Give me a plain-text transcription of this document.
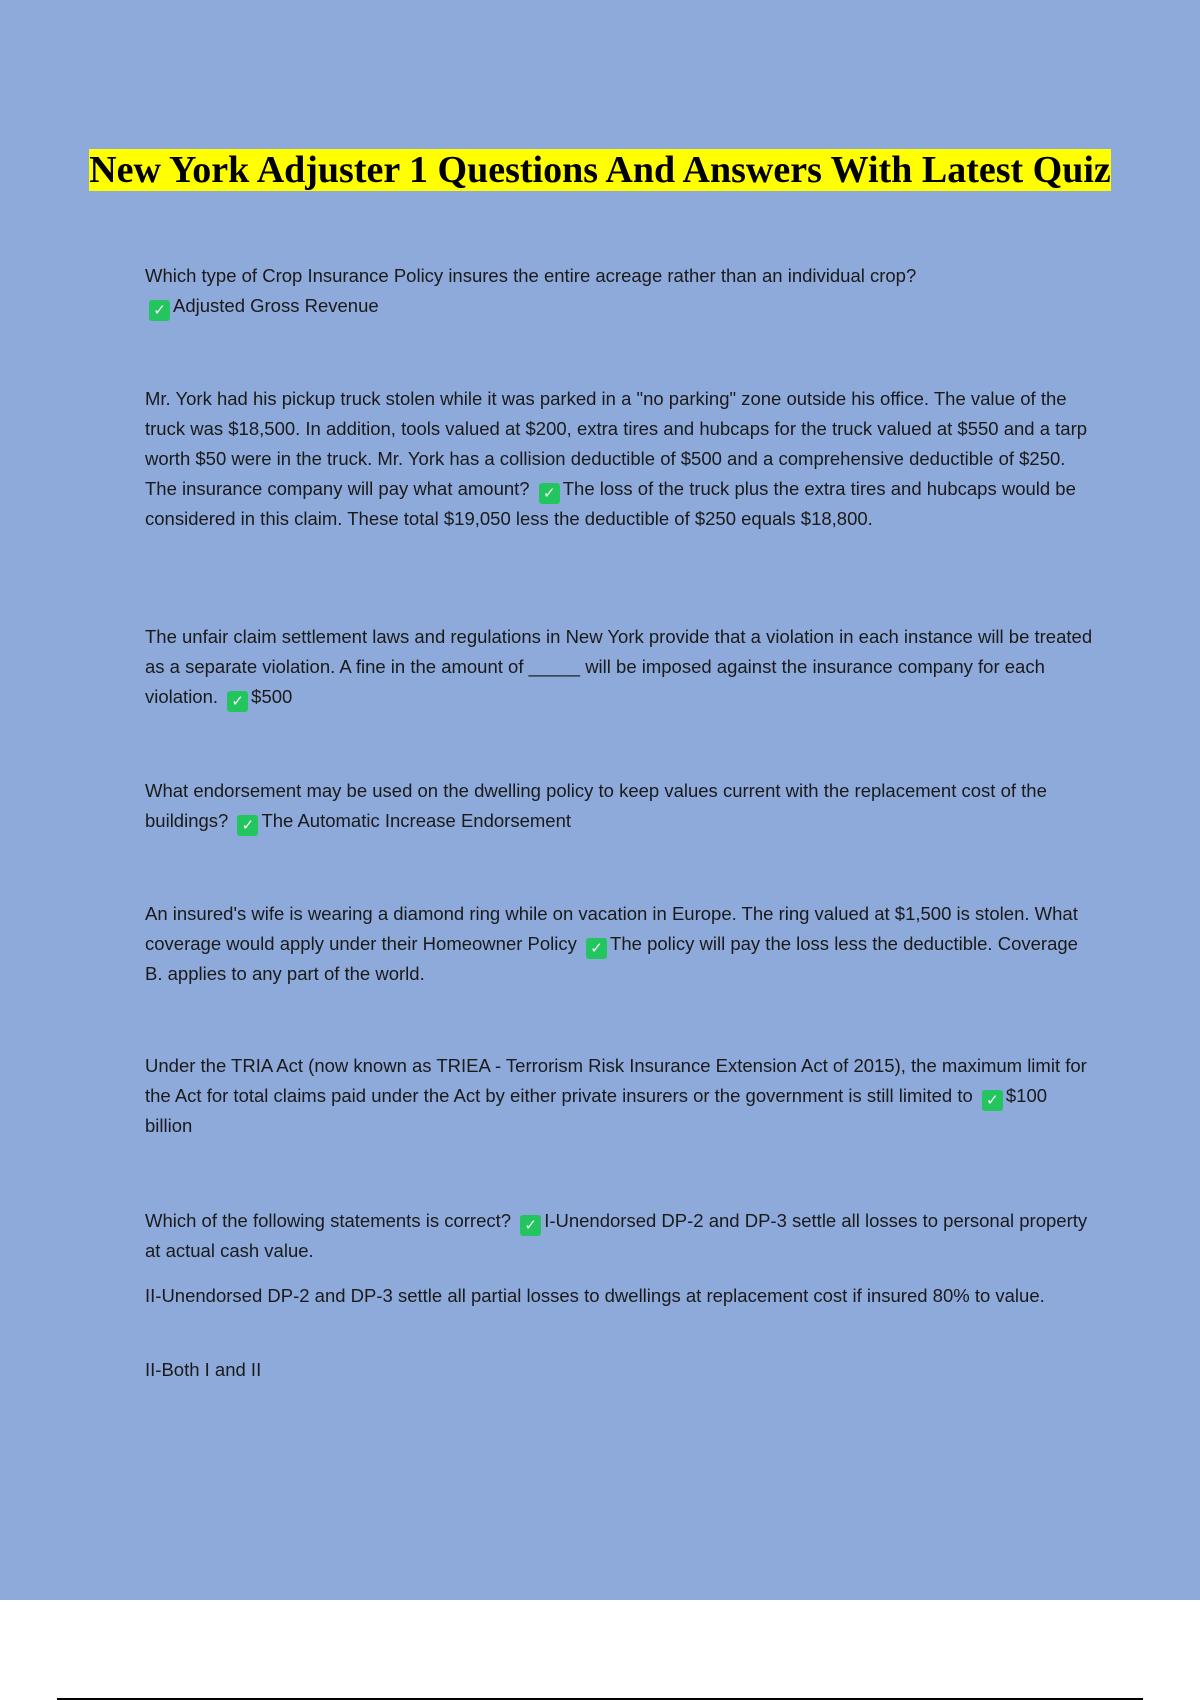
New York Adjuster 1 Questions And Answers With Latest Quiz

Which type of Crop Insurance Policy insures the entire acreage rather than an individual crop?
✓ Adjusted Gross Revenue

Mr. York had his pickup truck stolen while it was parked in a "no parking" zone outside his office. The value of the truck was $18,500. In addition, tools valued at $200, extra tires and hubcaps for the truck valued at $550 and a tarp worth $50 were in the truck. Mr. York has a collision deductible of $500 and a comprehensive deductible of $250. The insurance company will pay what amount? ✓ The loss of the truck plus the extra tires and hubcaps would be considered in this claim. These total $19,050 less the deductible of $250 equals $18,800.

The unfair claim settlement laws and regulations in New York provide that a violation in each instance will be treated as a separate violation. A fine in the amount of _____ will be imposed against the insurance company for each violation. ✓ $500

What endorsement may be used on the dwelling policy to keep values current with the replacement cost of the buildings? ✓ The Automatic Increase Endorsement

An insured's wife is wearing a diamond ring while on vacation in Europe. The ring valued at $1,500 is stolen. What coverage would apply under their Homeowner Policy ✓ The policy will pay the loss less the deductible. Coverage B. applies to any part of the world.

Under the TRIA Act (now known as TRIEA - Terrorism Risk Insurance Extension Act of 2015), the maximum limit for the Act for total claims paid under the Act by either private insurers or the government is still limited to ✓ $100 billion

Which of the following statements is correct? ✓ I-Unendorsed DP-2 and DP-3 settle all losses to personal property at actual cash value.

II-Unendorsed DP-2 and DP-3 settle all partial losses to dwellings at replacement cost if insured 80% to value.

II-Both I and II
